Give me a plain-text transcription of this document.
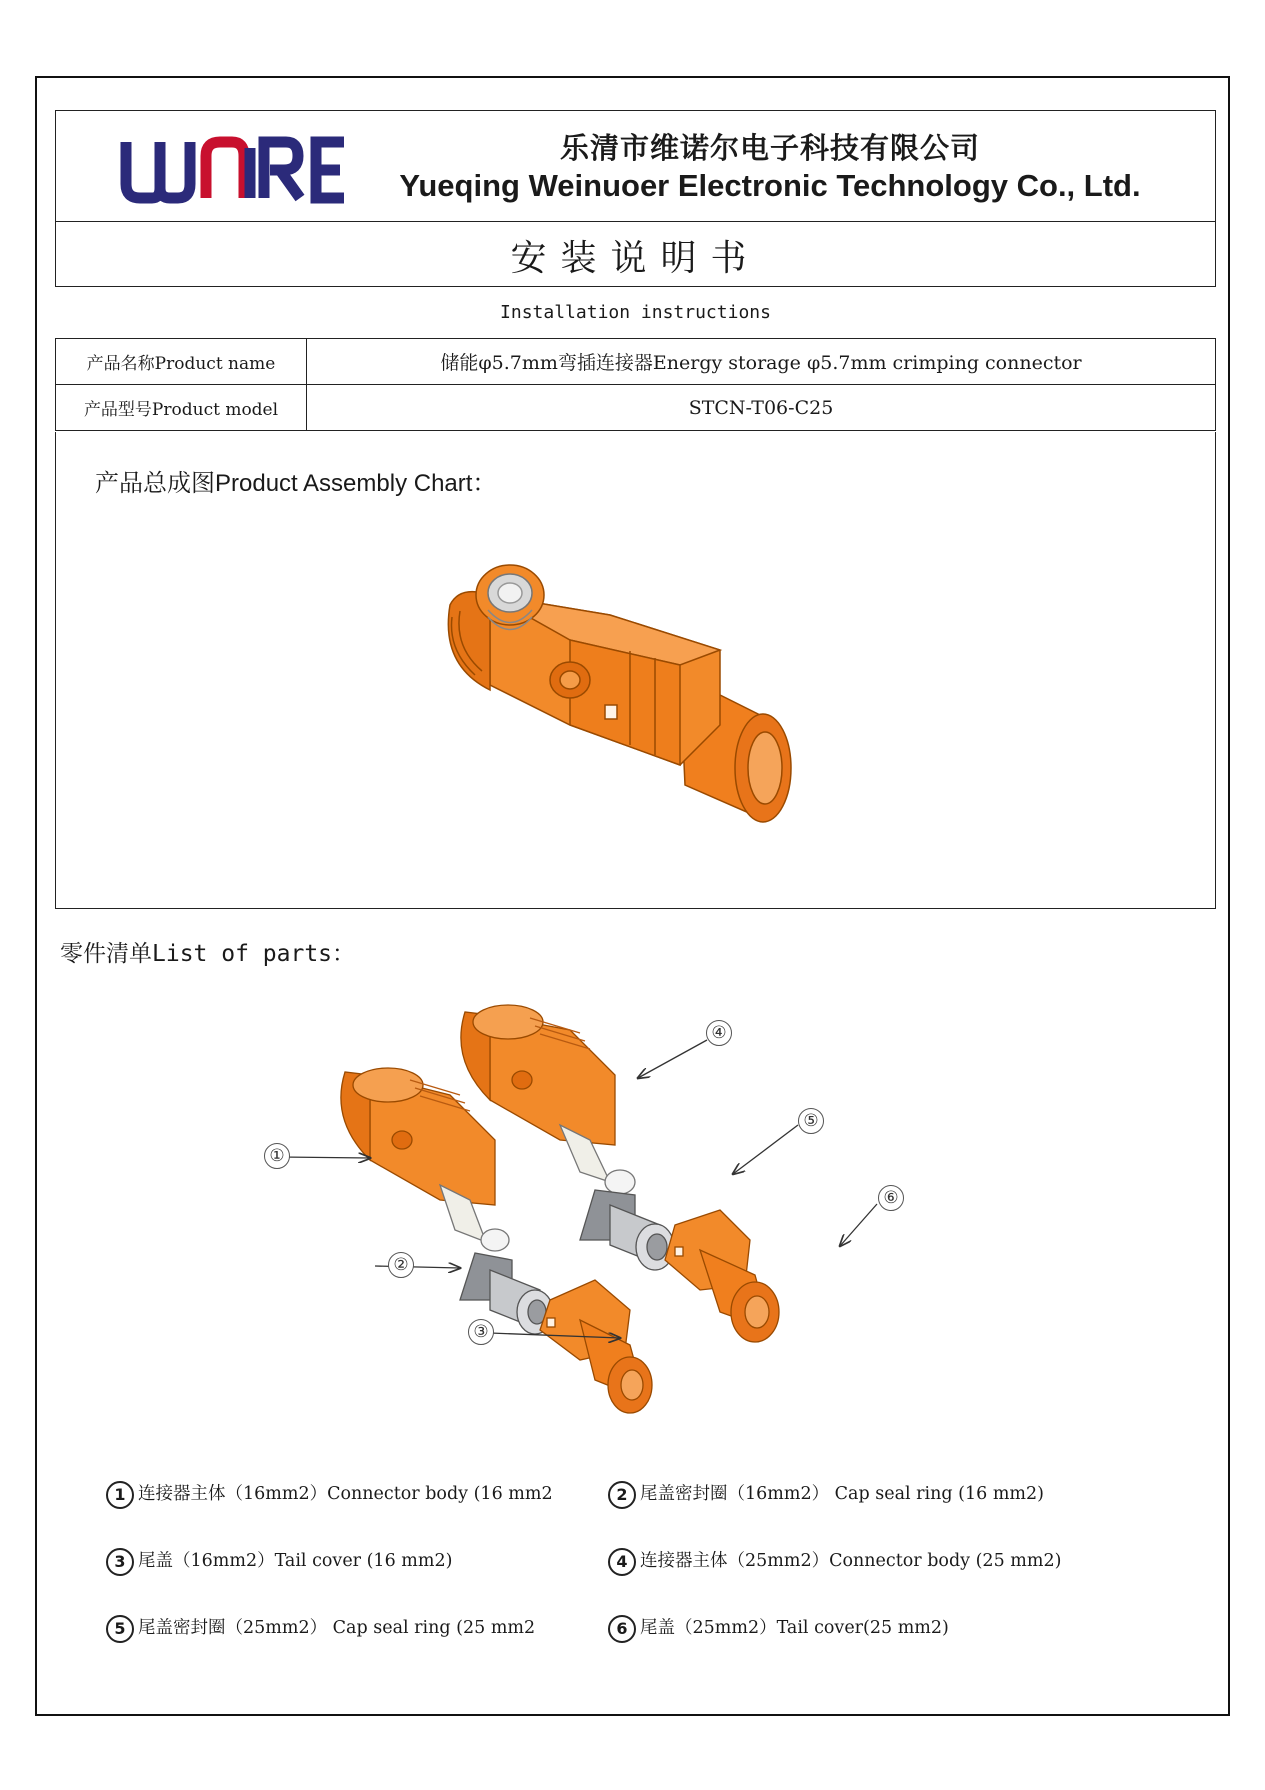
乐清市维诺尔电子科技有限公司
Yueqing Weinuoer Electronic Technology Co., Ltd.
安装说明书
Installation instructions
产品名称Product name	储能φ5.7mm弯插连接器Energy storage φ5.7mm crimping connector
产品型号Product model	STCN-T06-C25
产品总成图Product Assembly Chart：
零件清单List of parts：
①
②
③
④
⑤
⑥
1 连接器主体（16mm2）Connector body (16 mm2	2 尾盖密封圈（16mm2） Cap seal ring (16 mm2)
3 尾盖（16mm2）Tail cover (16 mm2)	4 连接器主体（25mm2）Connector body (25 mm2)
5 尾盖密封圈（25mm2） Cap seal ring (25 mm2	6 尾盖（25mm2）Tail cover(25 mm2)
